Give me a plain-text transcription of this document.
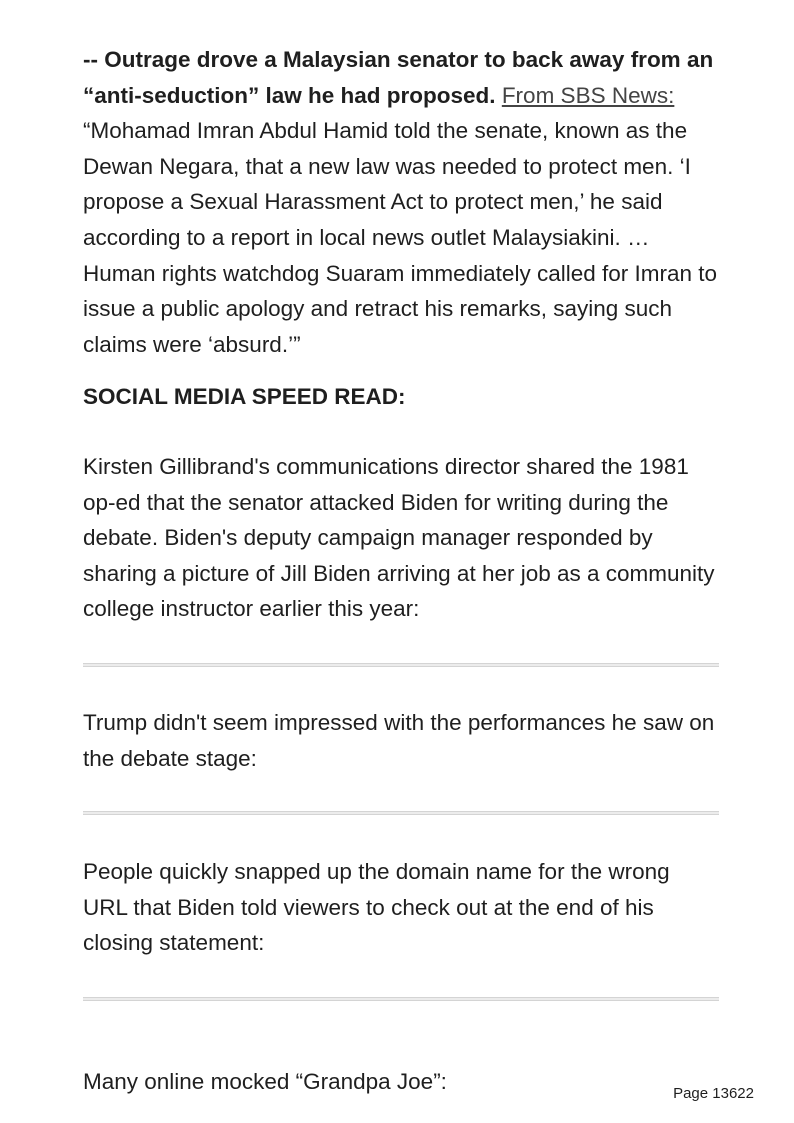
-- Outrage drove a Malaysian senator to back away from an “anti-seduction” law he had proposed. From SBS News: “Mohamad Imran Abdul Hamid told the senate, known as the Dewan Negara, that a new law was needed to protect men. ‘I propose a Sexual Harassment Act to protect men,’ he said according to a report in local news outlet Malaysiakini. … Human rights watchdog Suaram immediately called for Imran to issue a public apology and retract his remarks, saying such claims were ‘absurd.’”

SOCIAL MEDIA SPEED READ:

Kirsten Gillibrand's communications director shared the 1981 op-ed that the senator attacked Biden for writing during the debate. Biden's deputy campaign manager responded by sharing a picture of Jill Biden arriving at her job as a community college instructor earlier this year:

Trump didn't seem impressed with the performances he saw on the debate stage:

People quickly snapped up the domain name for the wrong URL that Biden told viewers to check out at the end of his closing statement:

Many online mocked “Grandpa Joe”:	Page 13622
